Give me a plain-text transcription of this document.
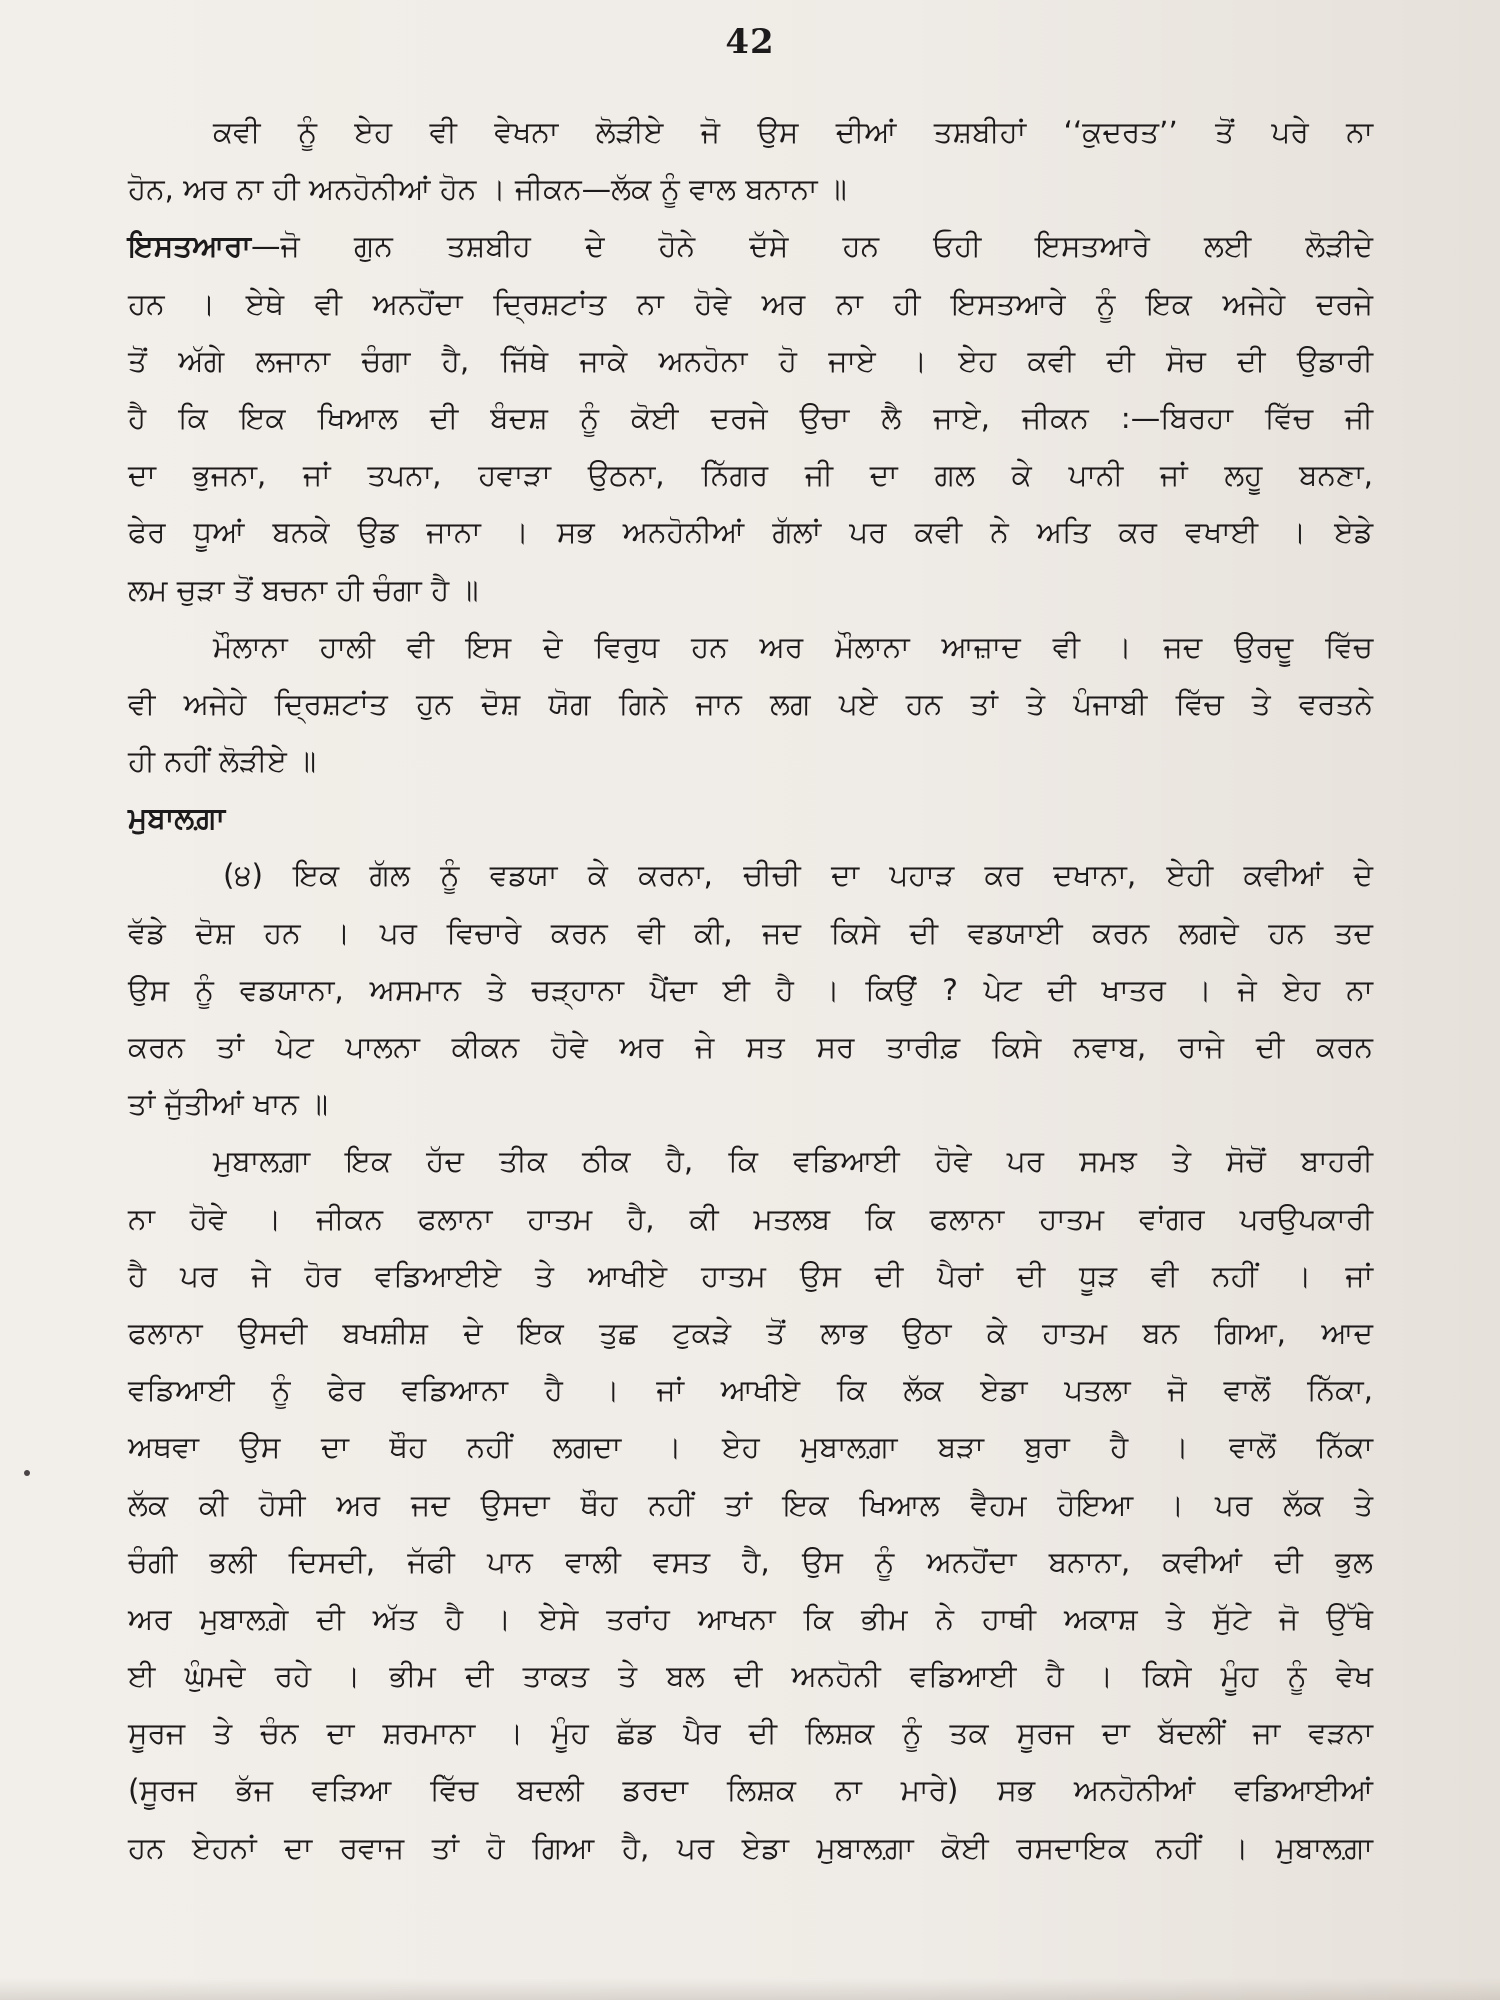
42
ਕਵੀ ਨੂੰ ਏਹ ਵੀ ਵੇਖਨਾ ਲੋੜੀਏ ਜੋ ਉਸ ਦੀਆਂ ਤਸ਼ਬੀਹਾਂ ‘‘ਕੁਦਰਤ’’ ਤੋਂ ਪਰੇ ਨਾ
ਹੋਨ, ਅਰ ਨਾ ਹੀ ਅਨਹੋਨੀਆਂ ਹੋਨ । ਜੀਕਨ—ਲੱਕ ਨੂੰ ਵਾਲ ਬਨਾਨਾ ॥
ਇਸਤਆਰਾ—ਜੋ ਗੁਨ ਤਸ਼ਬੀਹ ਦੇ ਹੋਨੇ ਦੱਸੇ ਹਨ ਓਹੀ ਇਸਤਆਰੇ ਲਈ ਲੋੜੀਦੇ
ਹਨ । ਏਥੇ ਵੀ ਅਨਹੋਂਦਾ ਦ੍ਰਿਸ਼ਟਾਂਤ ਨਾ ਹੋਵੇ ਅਰ ਨਾ ਹੀ ਇਸਤਆਰੇ ਨੂੰ ਇਕ ਅਜੇਹੇ ਦਰਜੇ
ਤੋਂ ਅੱਗੇ ਲਜਾਨਾ ਚੰਗਾ ਹੈ, ਜਿੱਥੇ ਜਾਕੇ ਅਨਹੋਨਾ ਹੋ ਜਾਏ । ਏਹ ਕਵੀ ਦੀ ਸੋਚ ਦੀ ਉਡਾਰੀ
ਹੈ ਕਿ ਇਕ ਖਿਆਲ ਦੀ ਬੰਦਸ਼ ਨੂੰ ਕੋਈ ਦਰਜੇ ਉਚਾ ਲੈ ਜਾਏ, ਜੀਕਨ :—ਬਿਰਹਾ ਵਿੱਚ ਜੀ
ਦਾ ਭੁਜਨਾ, ਜਾਂ ਤਪਨਾ, ਹਵਾੜਾ ਉਠਨਾ, ਨਿੱਗਰ ਜੀ ਦਾ ਗਲ ਕੇ ਪਾਨੀ ਜਾਂ ਲਹੂ ਬਨਣਾ,
ਫੇਰ ਧੂਆਂ ਬਨਕੇ ਉਡ ਜਾਨਾ । ਸਭ ਅਨਹੋਨੀਆਂ ਗੱਲਾਂ ਪਰ ਕਵੀ ਨੇ ਅਤਿ ਕਰ ਵਖਾਈ । ਏਡੇ
ਲਮ ਚੁੜਾ ਤੋਂ ਬਚਨਾ ਹੀ ਚੰਗਾ ਹੈ ॥
ਮੌਲਾਨਾ ਹਾਲੀ ਵੀ ਇਸ ਦੇ ਵਿਰੁਧ ਹਨ ਅਰ ਮੌਲਾਨਾ ਆਜ਼ਾਦ ਵੀ । ਜਦ ਉਰਦੂ ਵਿੱਚ
ਵੀ ਅਜੇਹੇ ਦ੍ਰਿਸ਼ਟਾਂਤ ਹੁਨ ਦੋਸ਼ ਯੋਗ ਗਿਨੇ ਜਾਨ ਲਗ ਪਏ ਹਨ ਤਾਂ ਤੇ ਪੰਜਾਬੀ ਵਿੱਚ ਤੇ ਵਰਤਨੇ
ਹੀ ਨਹੀਂ ਲੋੜੀਏ ॥
ਮੁਬਾਲਗ਼ਾ
(੪) ਇਕ ਗੱਲ ਨੂੰ ਵਡਯਾ ਕੇ ਕਰਨਾ, ਚੀਚੀ ਦਾ ਪਹਾੜ ਕਰ ਦਖਾਨਾ, ਏਹੀ ਕਵੀਆਂ ਦੇ
ਵੱਡੇ ਦੋਸ਼ ਹਨ । ਪਰ ਵਿਚਾਰੇ ਕਰਨ ਵੀ ਕੀ, ਜਦ ਕਿਸੇ ਦੀ ਵਡਯਾਈ ਕਰਨ ਲਗਦੇ ਹਨ ਤਦ
ਉਸ ਨੂੰ ਵਡਯਾਨਾ, ਅਸਮਾਨ ਤੇ ਚੜ੍ਹਾਨਾ ਪੈਂਦਾ ਈ ਹੈ । ਕਿਉਂ ? ਪੇਟ ਦੀ ਖਾਤਰ । ਜੇ ਏਹ ਨਾ
ਕਰਨ ਤਾਂ ਪੇਟ ਪਾਲਨਾ ਕੀਕਨ ਹੋਵੇ ਅਰ ਜੇ ਸਤ ਸਰ ਤਾਰੀਫ਼ ਕਿਸੇ ਨਵਾਬ, ਰਾਜੇ ਦੀ ਕਰਨ
ਤਾਂ ਜੁੱਤੀਆਂ ਖਾਨ ॥
ਮੁਬਾਲਗ਼ਾ ਇਕ ਹੱਦ ਤੀਕ ਠੀਕ ਹੈ, ਕਿ ਵਡਿਆਈ ਹੋਵੇ ਪਰ ਸਮਝ ਤੇ ਸੋਚੋਂ ਬਾਹਰੀ
ਨਾ ਹੋਵੇ । ਜੀਕਨ ਫਲਾਨਾ ਹਾਤਮ ਹੈ, ਕੀ ਮਤਲਬ ਕਿ ਫਲਾਨਾ ਹਾਤਮ ਵਾਂਗਰ ਪਰਉਪਕਾਰੀ
ਹੈ ਪਰ ਜੇ ਹੋਰ ਵਡਿਆਈਏ ਤੇ ਆਖੀਏ ਹਾਤਮ ਉਸ ਦੀ ਪੈਰਾਂ ਦੀ ਧੂੜ ਵੀ ਨਹੀਂ । ਜਾਂ
ਫਲਾਨਾ ਉਸਦੀ ਬਖਸ਼ੀਸ਼ ਦੇ ਇਕ ਤੁਛ ਟੁਕੜੇ ਤੋਂ ਲਾਭ ਉਠਾ ਕੇ ਹਾਤਮ ਬਨ ਗਿਆ, ਆਦ
ਵਡਿਆਈ ਨੂੰ ਫੇਰ ਵਡਿਆਨਾ ਹੈ । ਜਾਂ ਆਖੀਏ ਕਿ ਲੱਕ ਏਡਾ ਪਤਲਾ ਜੋ ਵਾਲੋਂ ਨਿੱਕਾ,
ਅਥਵਾ ਉਸ ਦਾ ਥੌਹ ਨਹੀਂ ਲਗਦਾ । ਏਹ ਮੁਬਾਲਗ਼ਾ ਬੜਾ ਬੁਰਾ ਹੈ । ਵਾਲੋਂ ਨਿੱਕਾ
ਲੱਕ ਕੀ ਹੋਸੀ ਅਰ ਜਦ ਉਸਦਾ ਥੌਹ ਨਹੀਂ ਤਾਂ ਇਕ ਖਿਆਲ ਵੈਹਮ ਹੋਇਆ । ਪਰ ਲੱਕ ਤੇ
ਚੰਗੀ ਭਲੀ ਦਿਸਦੀ, ਜੱਫੀ ਪਾਨ ਵਾਲੀ ਵਸਤ ਹੈ, ਉਸ ਨੂੰ ਅਨਹੋਂਦਾ ਬਨਾਨਾ, ਕਵੀਆਂ ਦੀ ਭੁਲ
ਅਰ ਮੁਬਾਲਗ਼ੇ ਦੀ ਅੱਤ ਹੈ । ਏਸੇ ਤਰਾਂਹ ਆਖਨਾ ਕਿ ਭੀਮ ਨੇ ਹਾਥੀ ਅਕਾਸ਼ ਤੇ ਸੁੱਟੇ ਜੋ ਉੱਥੇ
ਈ ਘੁੰਮਦੇ ਰਹੇ । ਭੀਮ ਦੀ ਤਾਕਤ ਤੇ ਬਲ ਦੀ ਅਨਹੋਨੀ ਵਡਿਆਈ ਹੈ । ਕਿਸੇ ਮੂੰਹ ਨੂੰ ਵੇਖ
ਸੂਰਜ ਤੇ ਚੰਨ ਦਾ ਸ਼ਰਮਾਨਾ । ਮੂੰਹ ਛੱਡ ਪੈਰ ਦੀ ਲਿਸ਼ਕ ਨੂੰ ਤਕ ਸੂਰਜ ਦਾ ਬੱਦਲੀਂ ਜਾ ਵੜਨਾ
(ਸੂਰਜ ਭੱਜ ਵੜਿਆ ਵਿੱਚ ਬਦਲੀ ਡਰਦਾ ਲਿਸ਼ਕ ਨਾ ਮਾਰੇ) ਸਭ ਅਨਹੋਨੀਆਂ ਵਡਿਆਈਆਂ
ਹਨ ਏਹਨਾਂ ਦਾ ਰਵਾਜ ਤਾਂ ਹੋ ਗਿਆ ਹੈ, ਪਰ ਏਡਾ ਮੁਬਾਲਗ਼ਾ ਕੋਈ ਰਸਦਾਇਕ ਨਹੀਂ । ਮੁਬਾਲਗ਼ਾ
